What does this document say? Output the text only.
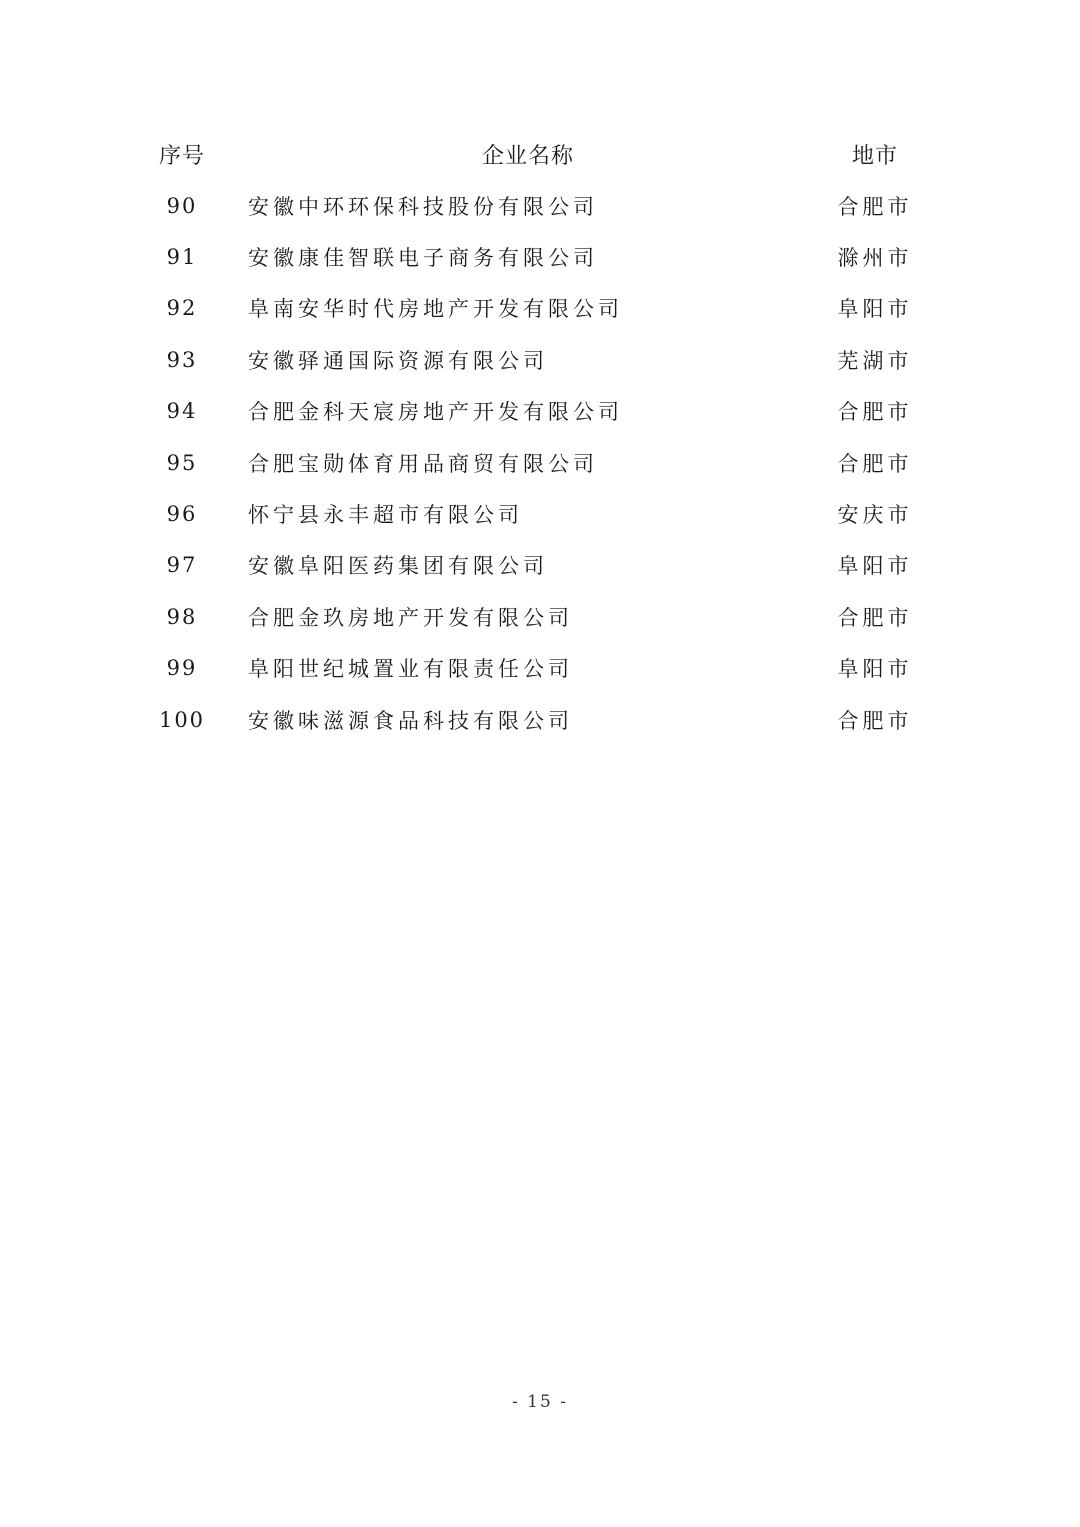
序号	企业名称	地市
90	安徽中环环保科技股份有限公司	合肥市
91	安徽康佳智联电子商务有限公司	滁州市
92	阜南安华时代房地产开发有限公司	阜阳市
93	安徽驿通国际资源有限公司	芜湖市
94	合肥金科天宸房地产开发有限公司	合肥市
95	合肥宝勋体育用品商贸有限公司	合肥市
96	怀宁县永丰超市有限公司	安庆市
97	安徽阜阳医药集团有限公司	阜阳市
98	合肥金玖房地产开发有限公司	合肥市
99	阜阳世纪城置业有限责任公司	阜阳市
100	安徽味滋源食品科技有限公司	合肥市
- 15 -
